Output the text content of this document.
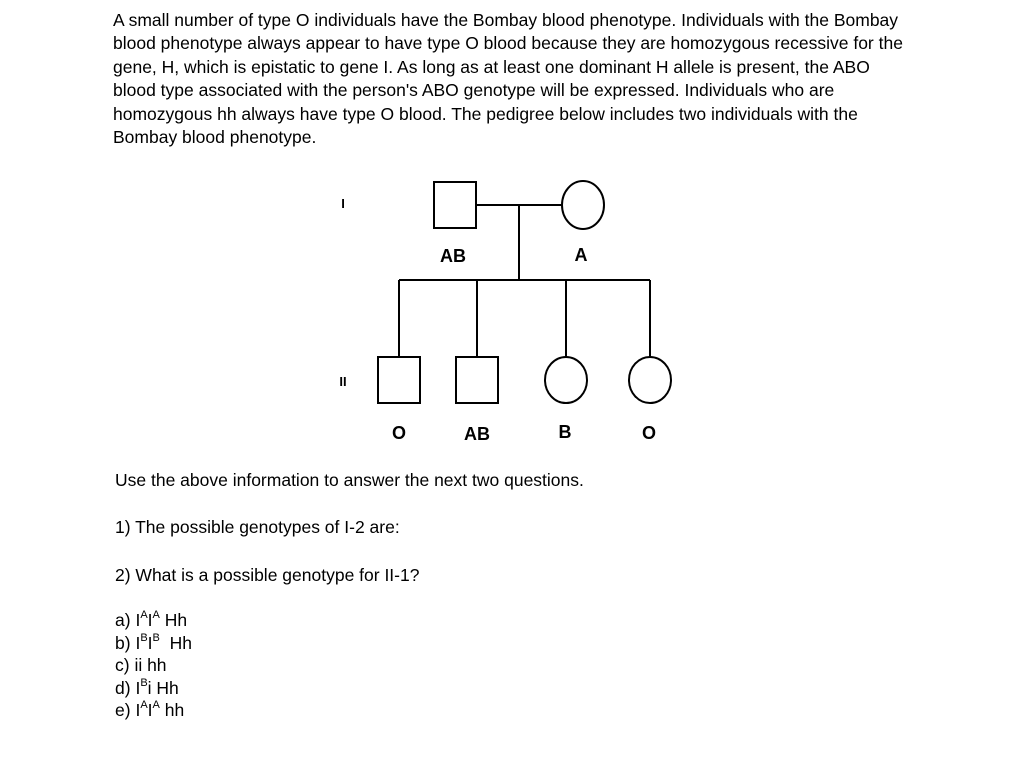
A small number of type O individuals have the Bombay blood phenotype. Individuals with the Bombay blood phenotype always appear to have type O blood because they are homozygous recessive for the gene, H, which is epistatic to gene I. As long as at least one dominant H allele is present, the ABO blood type associated with the person's ABO genotype will be expressed. Individuals who are homozygous hh always have type O blood. The pedigree below includes two individuals with the Bombay blood phenotype.

I
II
AB	A
O	AB	B	O

Use the above information to answer the next two questions.

1) The possible genotypes of I-2 are:

2) What is a possible genotype for II-1?

a) $I^AI^A$ Hh
b) $I^BI^B$  Hh
c) ii hh
d) $I^Bi$ Hh
e) $I^AI^A$ hh
